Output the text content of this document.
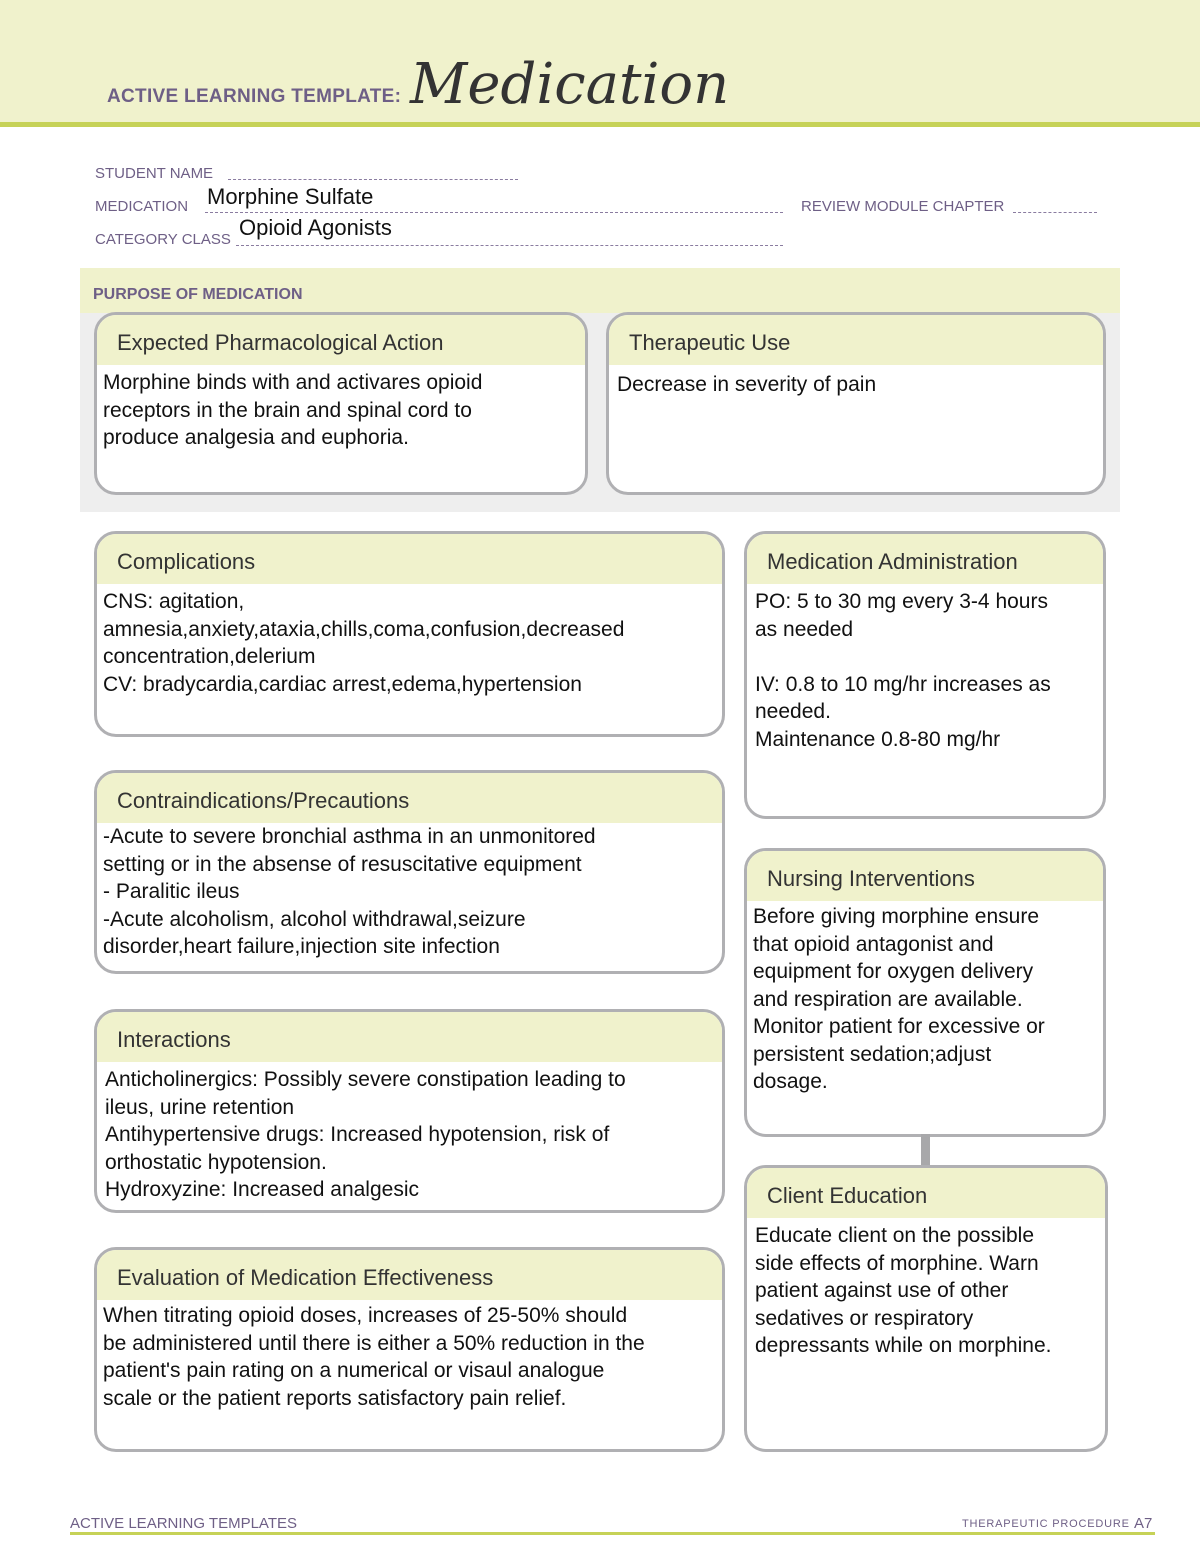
ACTIVE LEARNING TEMPLATE: Medication
STUDENT NAME
MEDICATION Morphine Sulfate	REVIEW MODULE CHAPTER
CATEGORY CLASS Opioid Agonists
PURPOSE OF MEDICATION
Expected Pharmacological Action
Morphine binds with and activares opioid
receptors in the brain and spinal cord to
produce analgesia and euphoria.
Therapeutic Use
Decrease in severity of pain
Complications
CNS: agitation,
amnesia,anxiety,ataxia,chills,coma,confusion,decreased
concentration,delerium
CV: bradycardia,cardiac arrest,edema,hypertension
Medication Administration
PO: 5 to 30 mg every 3-4 hours
as needed
IV: 0.8 to 10 mg/hr increases as
needed.
Maintenance 0.8-80 mg/hr
Contraindications/Precautions
-Acute to severe bronchial asthma in an unmonitored
setting or in the absense of resuscitative equipment
- Paralitic ileus
-Acute alcoholism, alcohol withdrawal,seizure
disorder,heart failure,injection site infection
Nursing Interventions
Before giving morphine ensure
that opioid antagonist and
equipment for oxygen delivery
and respiration are available.
Monitor patient for excessive or
persistent sedation;adjust
dosage.
Interactions
Anticholinergics: Possibly severe constipation leading to
ileus, urine retention
Antihypertensive drugs: Increased hypotension, risk of
orthostatic hypotension.
Hydroxyzine: Increased analgesic	Client Education
Educate client on the possible
side effects of morphine. Warn
patient against use of other
sedatives or respiratory
depressants while on morphine.
Evaluation of Medication Effectiveness
When titrating opioid doses, increases of 25-50% should
be administered until there is either a 50% reduction in the
patient's pain rating on a numerical or visaul analogue
scale or the patient reports satisfactory pain relief.
ACTIVE LEARNING TEMPLATES	THERAPEUTIC PROCEDURE A7
